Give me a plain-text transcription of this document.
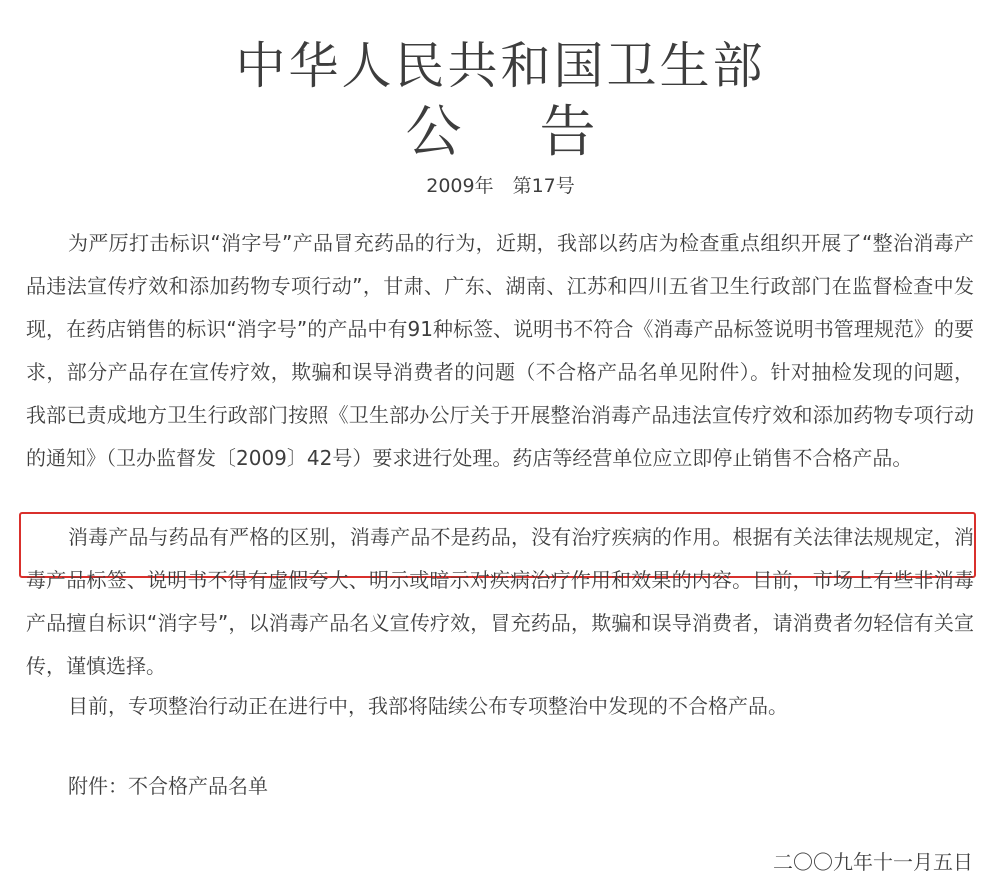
中华人民共和国卫生部
公告
2009年　第17号

为严厉打击标识“消字号”产品冒充药品的行为，近期，我部以药店为检查重点组织开展了“整治消毒产品违法宣传疗效和添加药物专项行动”，甘肃、广东、湖南、江苏和四川五省卫生行政部门在监督检查中发现，在药店销售的标识“消字号”的产品中有91种标签、说明书不符合《消毒产品标签说明书管理规范》的要求，部分产品存在宣传疗效，欺骗和误导消费者的问题（不合格产品名单见附件）。针对抽检发现的问题，我部已责成地方卫生行政部门按照《卫生部办公厅关于开展整治消毒产品违法宣传疗效和添加药物专项行动的通知》（卫办监督发〔2009〕42号）要求进行处理。药店等经营单位应立即停止销售不合格产品。

消毒产品与药品有严格的区别，消毒产品不是药品，没有治疗疾病的作用。根据有关法律法规规定，消毒产品标签、说明书不得有虚假夸大、明示或暗示对疾病治疗作用和效果的内容。目前，市场上有些非消毒产品擅自标识“消字号”，以消毒产品名义宣传疗效，冒充药品，欺骗和误导消费者，请消费者勿轻信有关宣传，谨慎选择。

目前，专项整治行动正在进行中，我部将陆续公布专项整治中发现的不合格产品。

附件：不合格产品名单

二〇〇九年十一月五日
